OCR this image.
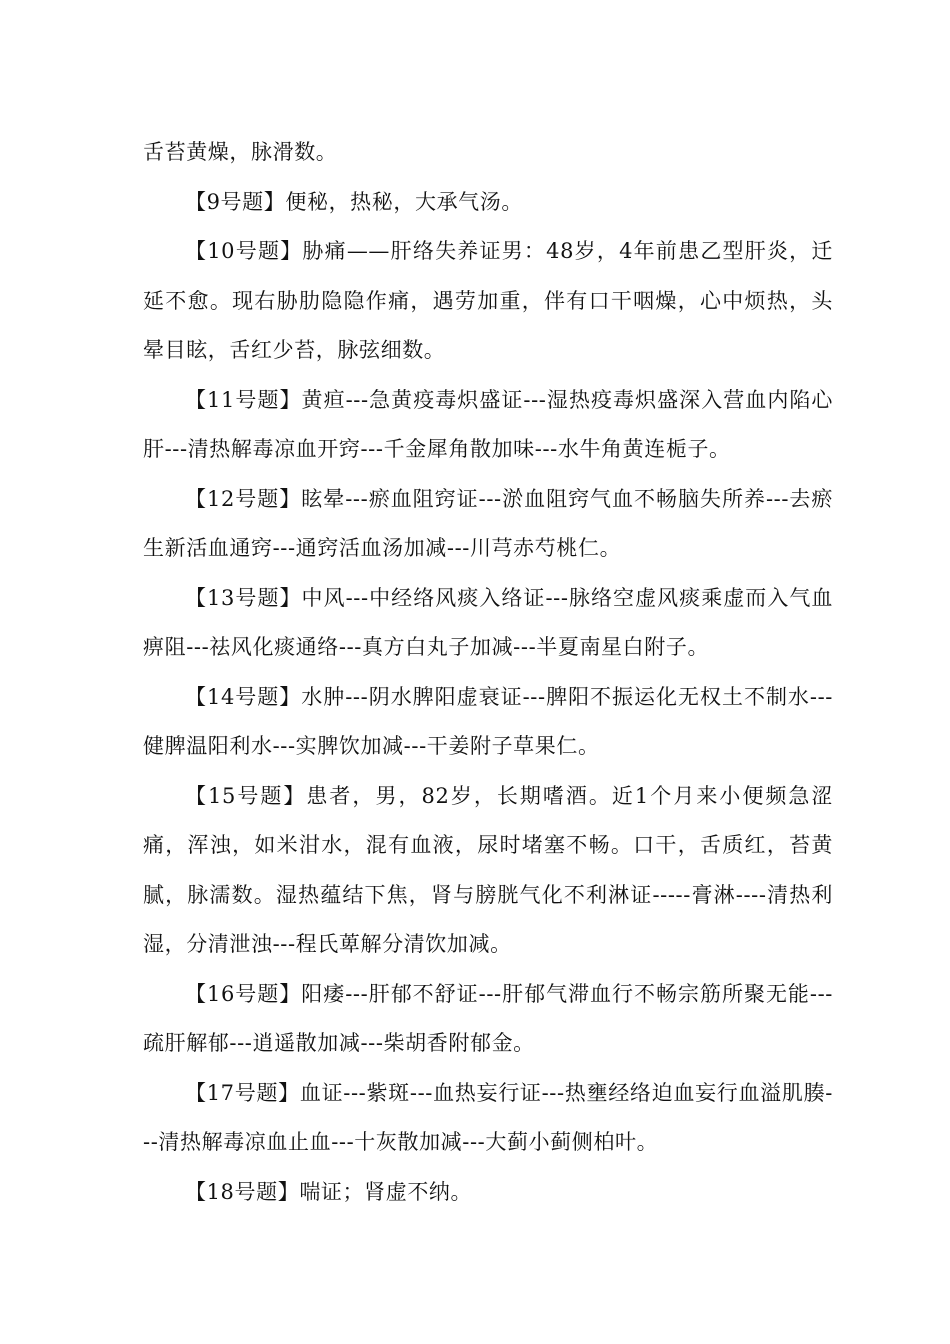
舌苔黄燥，脉滑数。

【9号题】便秘，热秘，大承气汤。

【10号题】胁痛——肝络失养证男：48岁，4年前患乙型肝炎，迁延不愈。现右胁肋隐隐作痛，遇劳加重，伴有口干咽燥，心中烦热，头晕目眩，舌红少苔，脉弦细数。

【11号题】黄疸---急黄疫毒炽盛证---湿热疫毒炽盛深入营血内陷心肝---清热解毒凉血开窍---千金犀角散加味---水牛角黄连栀子。

【12号题】眩晕---瘀血阻窍证---淤血阻窍气血不畅脑失所养---去瘀生新活血通窍---通窍活血汤加减---川芎赤芍桃仁。

【13号题】中风---中经络风痰入络证---脉络空虚风痰乘虚而入气血痹阻---祛风化痰通络---真方白丸子加减---半夏南星白附子。

【14号题】水肿---阴水脾阳虚衰证---脾阳不振运化无权土不制水---健脾温阳利水---实脾饮加减---干姜附子草果仁。

【15号题】患者，男，82岁，长期嗜酒。近1个月来小便频急涩痛，浑浊，如米泔水，混有血液，尿时堵塞不畅。口干，舌质红，苔黄腻，脉濡数。湿热蕴结下焦，肾与膀胱气化不利淋证-----膏淋----清热利湿，分清泄浊---程氏萆解分清饮加减。

【16号题】阳痿---肝郁不舒证---肝郁气滞血行不畅宗筋所聚无能---疏肝解郁---逍遥散加减---柴胡香附郁金。

【17号题】血证---紫斑---血热妄行证---热壅经络迫血妄行血溢肌腠---清热解毒凉血止血---十灰散加减---大蓟小蓟侧柏叶。

【18号题】喘证；肾虚不纳。
